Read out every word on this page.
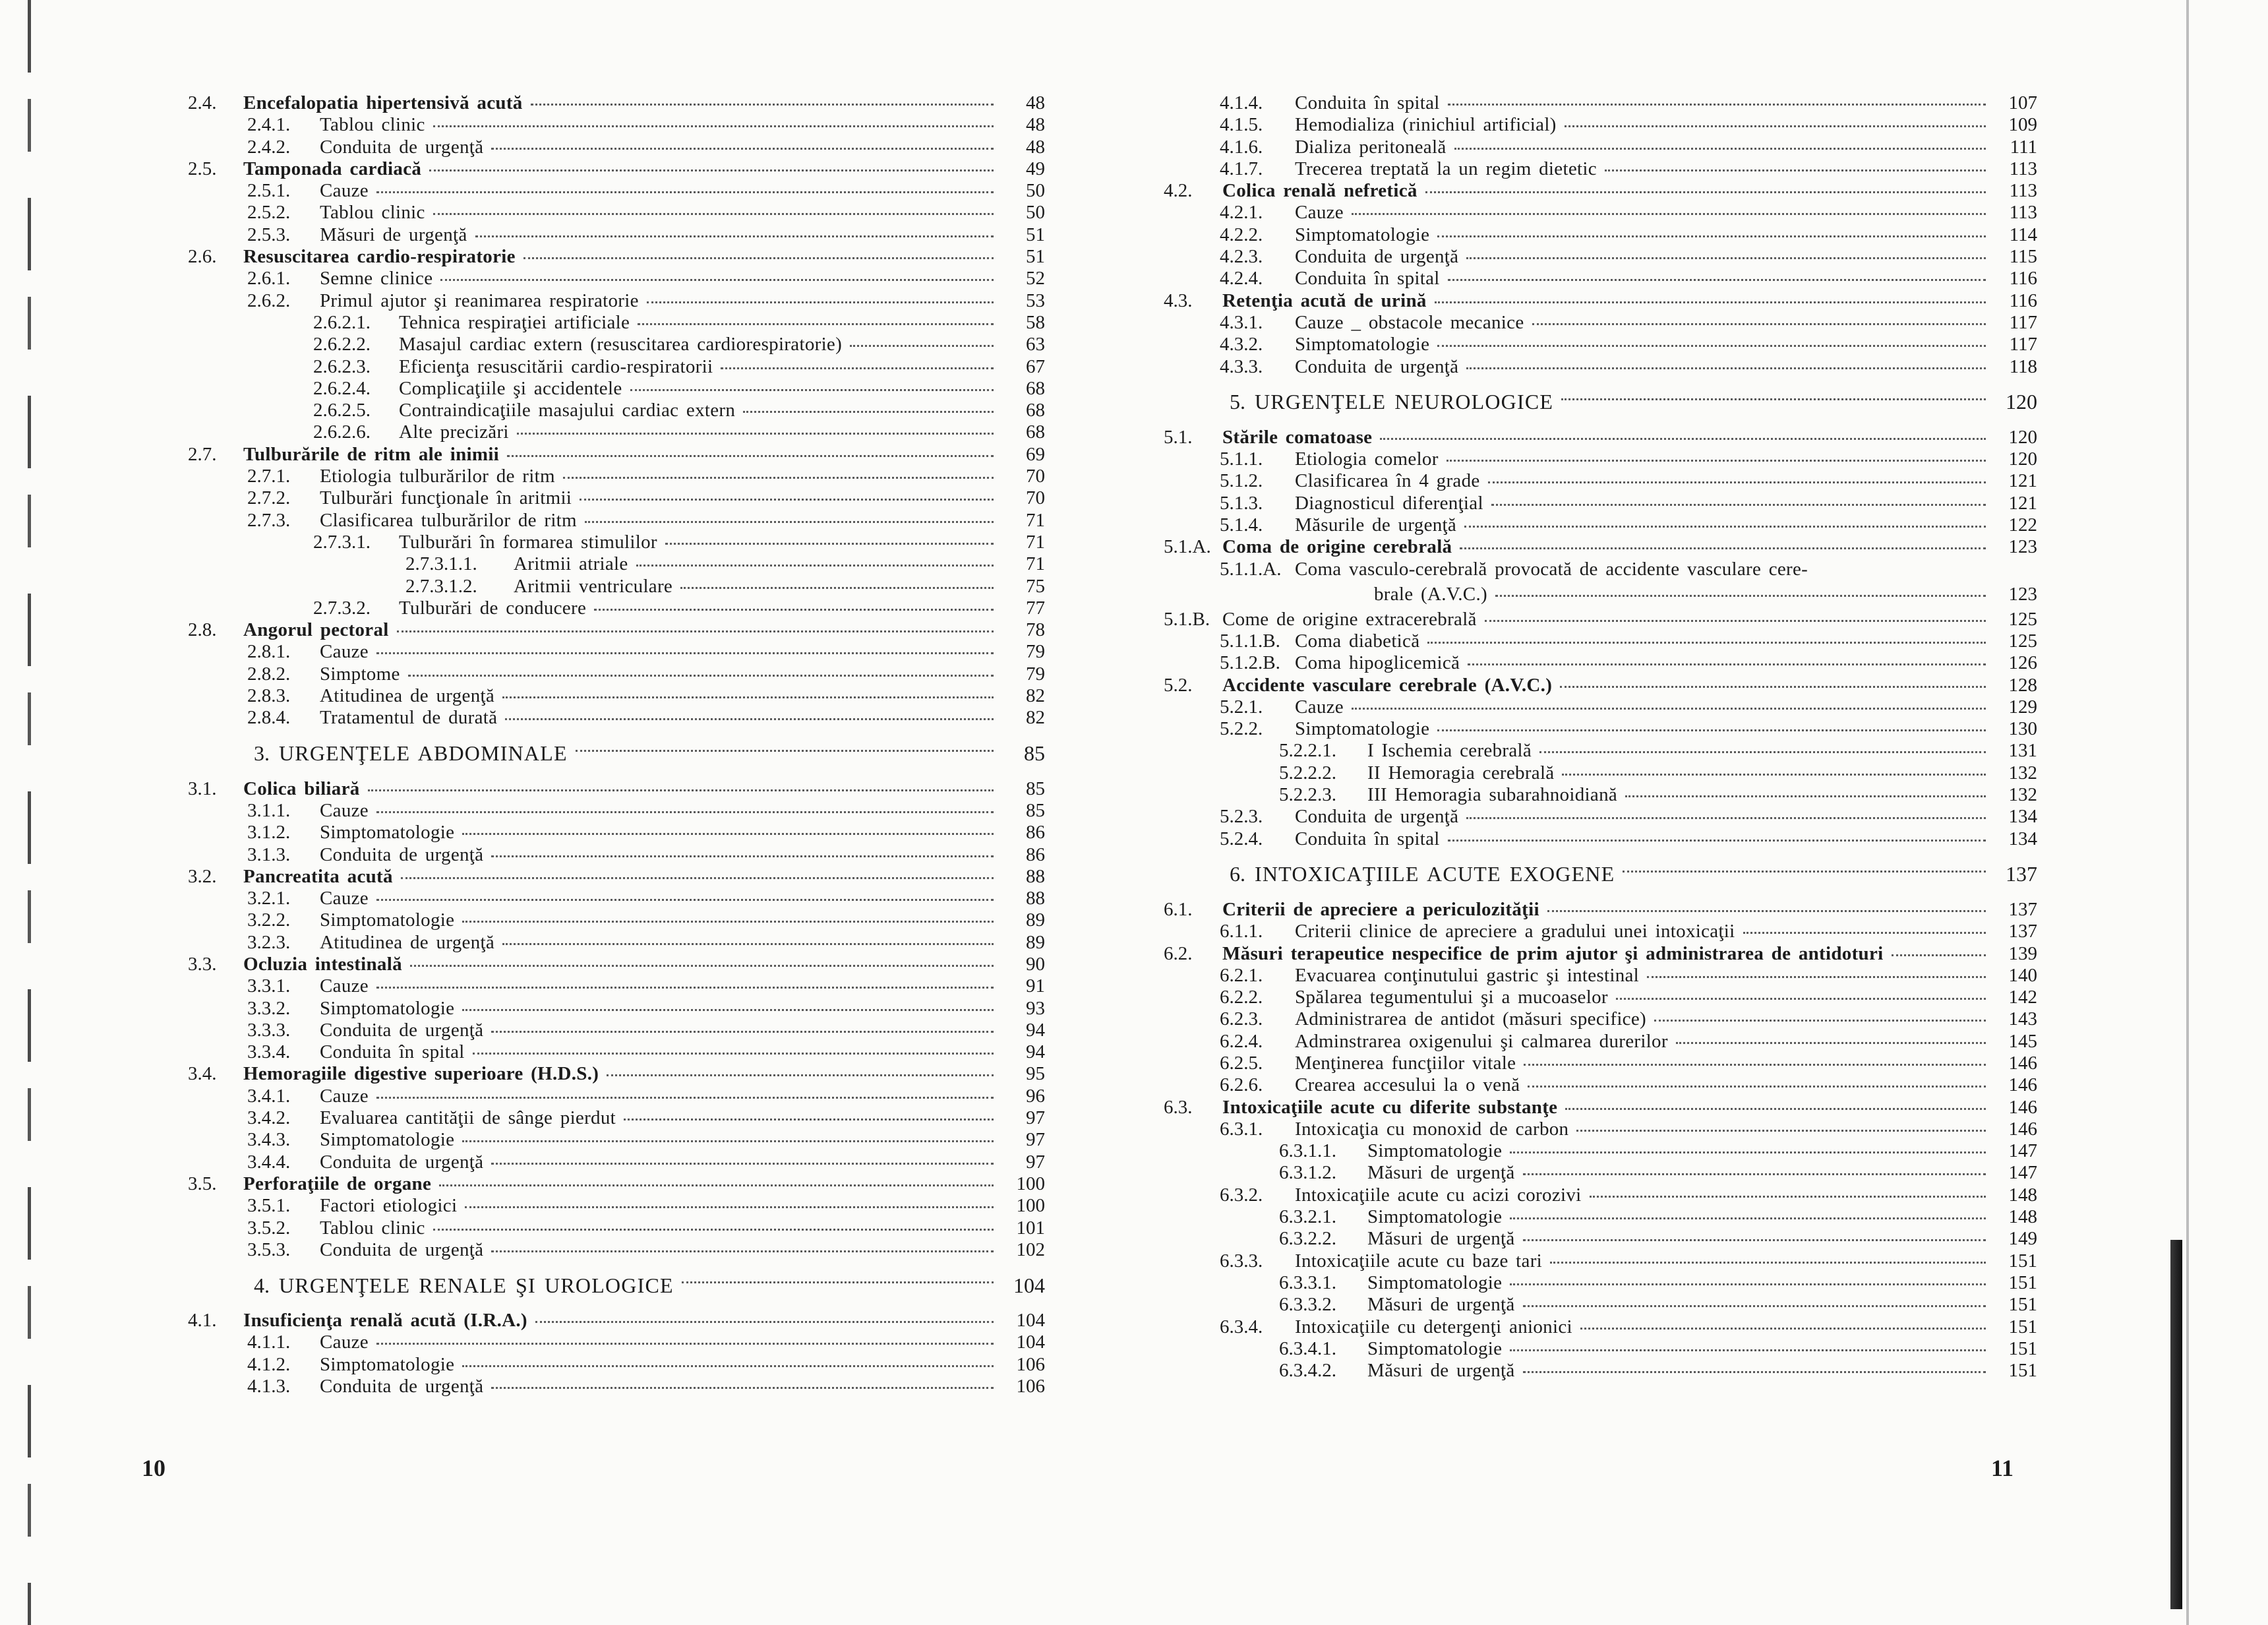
2.4.	Encefalopatia hipertensivă acută	48
2.4.1.	Tablou clinic	48
2.4.2.	Conduita de urgenţă	48
2.5.	Tamponada cardiacă	49
2.5.1.	Cauze	50
2.5.2.	Tablou clinic	50
2.5.3.	Măsuri de urgenţă	51
2.6.	Resuscitarea cardio-respiratorie	51
2.6.1.	Semne clinice	52
2.6.2.	Primul ajutor şi reanimarea respiratorie	53
2.6.2.1.	Tehnica respiraţiei artificiale	58
2.6.2.2.	Masajul cardiac extern (resuscitarea cardiorespiratorie)	63
2.6.2.3.	Eficienţa resuscitării cardio-respiratorii	67
2.6.2.4.	Complicaţiile şi accidentele	68
2.6.2.5.	Contraindicaţiile masajului cardiac extern	68
2.6.2.6.	Alte precizări	68
2.7.	Tulburările de ritm ale inimii	69
2.7.1.	Etiologia tulburărilor de ritm	70
2.7.2.	Tulburări funcţionale în aritmii	70
2.7.3.	Clasificarea tulburărilor de ritm	71
2.7.3.1.	Tulburări în formarea stimulilor	71
2.7.3.1.1.	Aritmii atriale	71
2.7.3.1.2.	Aritmii ventriculare	75
2.7.3.2.	Tulburări de conducere	77
2.8.	Angorul pectoral	78
2.8.1.	Cauze	79
2.8.2.	Simptome	79
2.8.3.	Atitudinea de urgenţă	82
2.8.4.	Tratamentul de durată	82
3. URGENŢELE ABDOMINALE	85
3.1.	Colica biliară	85
3.1.1.	Cauze	85
3.1.2.	Simptomatologie	86
3.1.3.	Conduita de urgenţă	86
3.2.	Pancreatita acută	88
3.2.1.	Cauze	88
3.2.2.	Simptomatologie	89
3.2.3.	Atitudinea de urgenţă	89
3.3.	Ocluzia intestinală	90
3.3.1.	Cauze	91
3.3.2.	Simptomatologie	93
3.3.3.	Conduita de urgenţă	94
3.3.4.	Conduita în spital	94
3.4.	Hemoragiile digestive superioare (H.D.S.)	95
3.4.1.	Cauze	96
3.4.2.	Evaluarea cantităţii de sânge pierdut	97
3.4.3.	Simptomatologie	97
3.4.4.	Conduita de urgenţă	97
3.5.	Perforaţiile de organe	100
3.5.1.	Factori etiologici	100
3.5.2.	Tablou clinic	101
3.5.3.	Conduita de urgenţă	102
4. URGENŢELE RENALE ŞI UROLOGICE	104
4.1.	Insuficienţa renală acută (I.R.A.)	104
4.1.1.	Cauze	104
4.1.2.	Simptomatologie	106
4.1.3.	Conduita de urgenţă	106
4.1.4.	Conduita în spital	107
4.1.5.	Hemodializa (rinichiul artificial)	109
4.1.6.	Dializa peritoneală	111
4.1.7.	Trecerea treptată la un regim dietetic	113
4.2.	Colica renală nefretică	113
4.2.1.	Cauze	113
4.2.2.	Simptomatologie	114
4.2.3.	Conduita de urgenţă	115
4.2.4.	Conduita în spital	116
4.3.	Retenţia acută de urină	116
4.3.1.	Cauze _ obstacole mecanice	117
4.3.2.	Simptomatologie	117
4.3.3.	Conduita de urgenţă	118
5. URGENŢELE NEUROLOGICE	120
5.1.	Stările comatoase	120
5.1.1.	Etiologia comelor	120
5.1.2.	Clasificarea în 4 grade	121
5.1.3.	Diagnosticul diferenţial	121
5.1.4.	Măsurile de urgenţă	122
5.1.A. Coma de origine cerebrală	123
5.1.1.A. Coma vasculo-cerebrală provocată de accidente vasculare cere-
brale (A.V.C.)	123
5.1.B. Come de origine extracerebrală	125
5.1.1.B. Coma diabetică	125
5.1.2.B. Coma hipoglicemică	126
5.2.	Accidente vasculare cerebrale (A.V.C.)	128
5.2.1.	Cauze	129
5.2.2.	Simptomatologie	130
5.2.2.1.	I Ischemia cerebrală	131
5.2.2.2.	II Hemoragia cerebrală	132
5.2.2.3.	III Hemoragia subarahnoidiană	132
5.2.3.	Conduita de urgenţă	134
5.2.4.	Conduita în spital	134
6. INTOXICAŢIILE ACUTE EXOGENE	137
6.1.	Criterii de apreciere a periculozităţii	137
6.1.1.	Criterii clinice de apreciere a gradului unei intoxicaţii	137
6.2.	Măsuri terapeutice nespecifice de prim ajutor şi administrarea de antidoturi	139
6.2.1.	Evacuarea conţinutului gastric şi intestinal	140
6.2.2.	Spălarea tegumentului şi a mucoaselor	142
6.2.3.	Administrarea de antidot (măsuri specifice)	143
6.2.4.	Adminstrarea oxigenului şi calmarea durerilor	145
6.2.5.	Menţinerea funcţiilor vitale	146
6.2.6.	Crearea accesului la o venă	146
6.3.	Intoxicaţiile acute cu diferite substanţe	146
6.3.1.	Intoxicaţia cu monoxid de carbon	146
6.3.1.1.	Simptomatologie	147
6.3.1.2.	Măsuri de urgenţă	147
6.3.2.	Intoxicaţiile acute cu acizi corozivi	148
6.3.2.1.	Simptomatologie	148
6.3.2.2.	Măsuri de urgenţă	149
6.3.3.	Intoxicaţiile acute cu baze tari	151
6.3.3.1.	Simptomatologie	151
6.3.3.2.	Măsuri de urgenţă	151
6.3.4.	Intoxicaţiile cu detergenţi anionici	151
6.3.4.1.	Simptomatologie	151
6.3.4.2.	Măsuri de urgenţă	151
10	11
